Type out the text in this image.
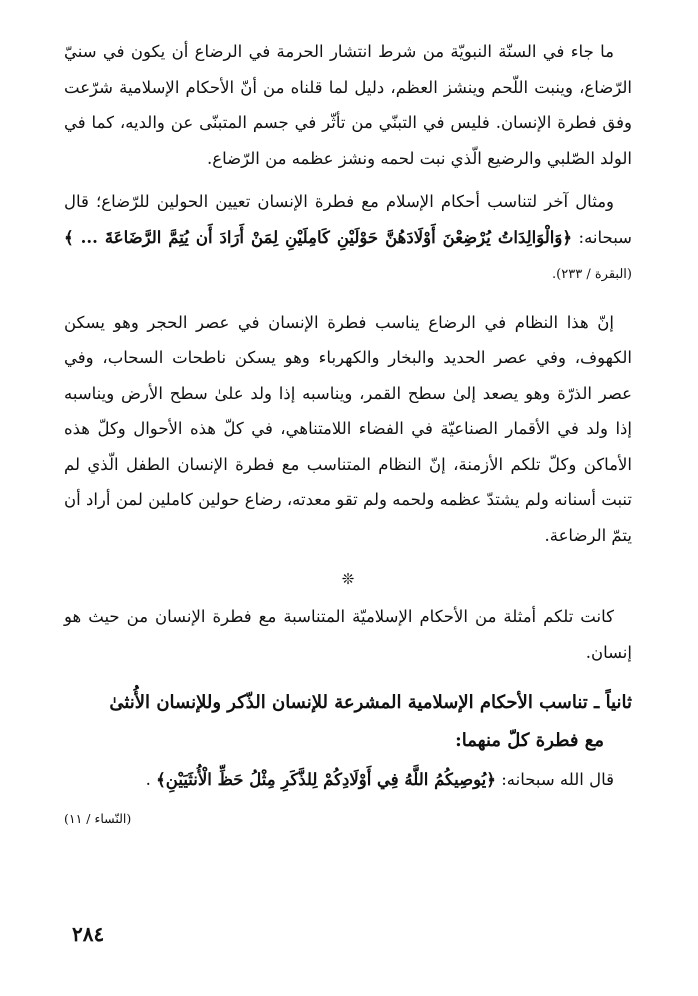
ما جاء في السنّة النبويّة من شرط انتشار الحرمة في الرضاع أن يكون في سنيّ الرّضاع، وينبت اللّحم وينشز العظم، دليل لما قلناه من أنّ الأحكام الإسلامية شرّعت وفق فطرة الإنسان. فليس في التبنّي من تأثّر في جسم المتبنّى عن والديه، كما في الولد الصّلبي والرضيع الّذي نبت لحمه ونشز عظمه من الرّضاع.

ومثال آخر لتناسب أحكام الإسلام مع فطرة الإنسان تعيين الحولين للرّضاع؛ قال سبحانه: ﴿وَالْوَالِدَاتُ يُرْضِعْنَ أَوْلَادَهُنَّ حَوْلَيْنِ كَامِلَيْنِ لِمَنْ أَرَادَ أَن يُتِمَّ الرَّضَاعَةَ ... ﴾ (البقرة / ٢٣٣).

إنّ هذا النظام في الرضاع يناسب فطرة الإنسان في عصر الحجر وهو يسكن الكهوف، وفي عصر الحديد والبخار والكهرباء وهو يسكن ناطحات السحاب، وفي عصر الذرّة وهو يصعد إلىٰ سطح القمر، ويناسبه إذا ولد علىٰ سطح الأرض ويناسبه إذا ولد في الأقمار الصناعيّة في الفضاء اللامتناهي، في كلّ هذه الأحوال وكلّ هذه الأماكن وكلّ تلكم الأزمنة، إنّ النظام المتناسب مع فطرة الإنسان الطفل الّذي لم تنبت أسنانه ولم يشتدّ عظمه ولحمه ولم تقو معدته، رضاع حولين كاملين لمن أراد أن يتمّ الرضاعة.

❊

كانت تلكم أمثلة من الأحكام الإسلاميّة المتناسبة مع فطرة الإنسان من حيث هو إنسان.

ثانياً ـ تناسب الأحكام الإسلامية المشرعة للإنسان الذّكر وللإنسان الأُنثىٰ
مع فطرة كلّ منهما:

قال الله سبحانه: ﴿يُوصِيكُمُ اللَّهُ فِي أَوْلَادِكُمْ لِلذَّكَرِ مِثْلُ حَظِّ الْأُنثَيَيْنِ﴾ .

(النّساء / ١١)

٢٨٤
